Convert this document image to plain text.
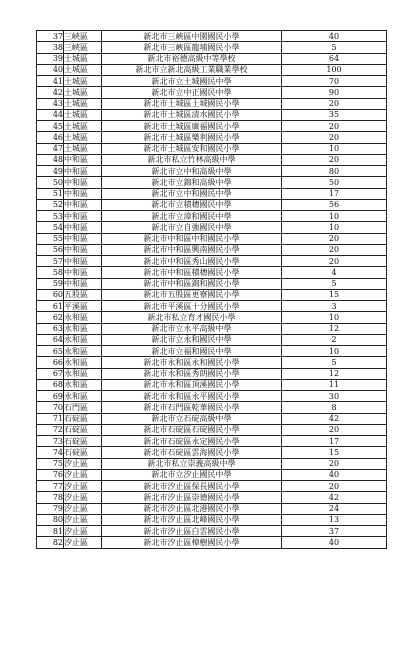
37	三峽區	新北市三峽區中園國民小學	40
38	三峽區	新北市三峽區龍埔國民小學	5
39	土城區	新北市裕德高級中等學校	64
40	土城區	新北市立新北高級工業職業學校	100
41	土城區	新北市立土城國民中學	70
42	土城區	新北市立中正國民中學	90
43	土城區	新北市土城區土城國民小學	20
44	土城區	新北市土城區清水國民小學	35
45	土城區	新北市土城區廣福國民小學	20
46	土城區	新北市土城區樂利國民小學	20
47	土城區	新北市土城區安和國民小學	10
48	中和區	新北市私立竹林高級中學	20
49	中和區	新北市立中和高級中學	80
50	中和區	新北市立錦和高級中學	50
51	中和區	新北市立中和國民中學	17
52	中和區	新北市立積穗國民中學	56
53	中和區	新北市立漳和國民中學	10
54	中和區	新北市立自強國民中學	10
55	中和區	新北市中和區中和國民小學	20
56	中和區	新北市中和區興南國民小學	20
57	中和區	新北市中和區秀山國民小學	20
58	中和區	新北市中和區積穗國民小學	4
59	中和區	新北市中和區錦和國民小學	5
60	五股區	新北市五股區更寮國民小學	15
61	平溪區	新北市平溪區十分國民小學	3
62	永和區	新北市私立育才國民小學	10
63	永和區	新北市立永平高級中學	12
64	永和區	新北市立永和國民中學	2
65	永和區	新北市立福和國民中學	10
66	永和區	新北市永和區永和國民小學	5
67	永和區	新北市永和區秀朗國民小學	12
68	永和區	新北市永和區頂溪國民小學	11
69	永和區	新北市永和區永平國民小學	30
70	石門區	新北市石門區乾華國民小學	8
71	石碇區	新北市立石碇高級中學	42
72	石碇區	新北市石碇區石碇國民小學	20
73	石碇區	新北市石碇區永定國民小學	17
74	石碇區	新北市石碇區雲海國民小學	15
75	汐止區	新北市私立崇義高級中學	20
76	汐止區	新北市立汐止國民中學	40
77	汐止區	新北市汐止區保長國民小學	20
78	汐止區	新北市汐止區崇德國民小學	42
79	汐止區	新北市汐止區北港國民小學	24
80	汐止區	新北市汐止區北峰國民小學	13
81	汐止區	新北市汐止區白雲國民小學	37
82	汐止區	新北市汐止區樟樹國民小學	40
